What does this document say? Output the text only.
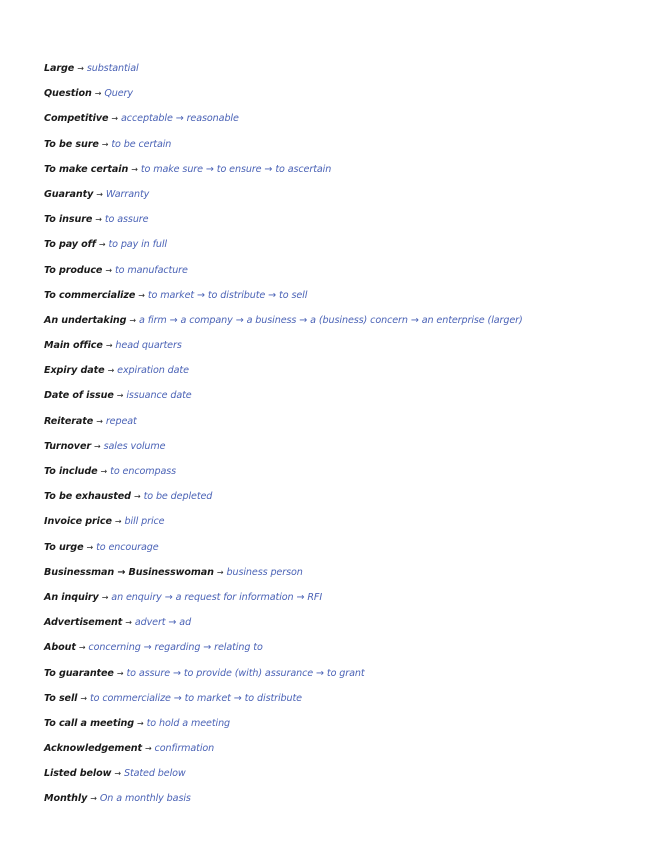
Large → substantial
Question → Query
Competitive → acceptable → reasonable
To be sure → to be certain
To make certain → to make sure → to ensure → to ascertain
Guaranty → Warranty
To insure → to assure
To pay off → to pay in full
To produce → to manufacture
To commercialize → to market → to distribute → to sell
An undertaking → a firm → a company → a business → a (business) concern → an enterprise (larger)
Main office → head quarters
Expiry date → expiration date
Date of issue → issuance date
Reiterate → repeat
Turnover → sales volume
To include → to encompass
To be exhausted → to be depleted
Invoice price → bill price
To urge → to encourage
Businessman → Businesswoman → business person
An inquiry → an enquiry → a request for information → RFI
Advertisement → advert → ad
About → concerning → regarding → relating to
To guarantee → to assure → to provide (with) assurance → to grant
To sell → to commercialize → to market → to distribute
To call a meeting → to hold a meeting
Acknowledgement → confirmation
Listed below → Stated below
Monthly → On a monthly basis
